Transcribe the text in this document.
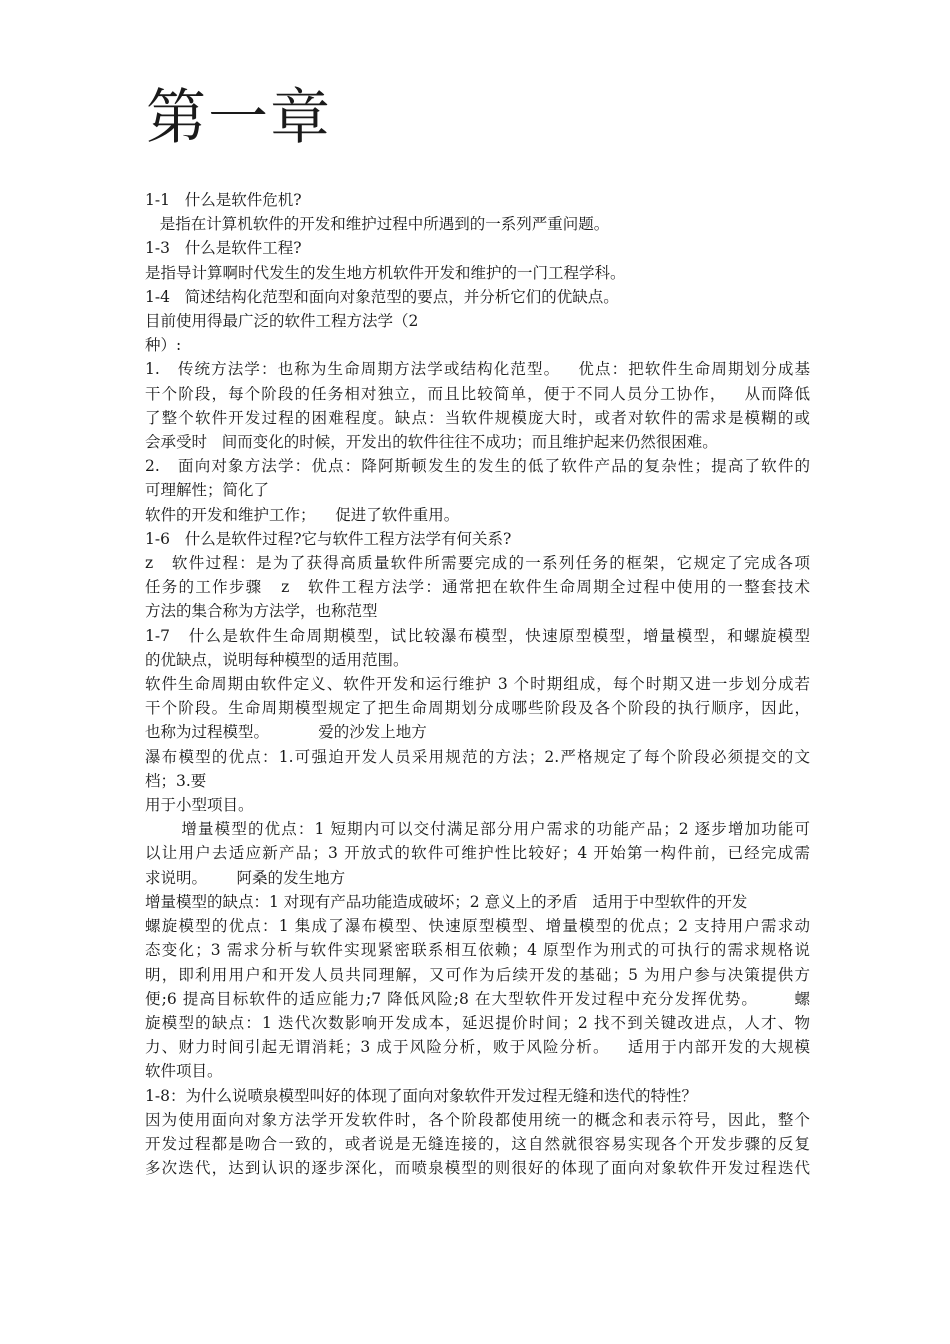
第一章

1-1   什么是软件危机?

是指在计算机软件的开发和维护过程中所遇到的一系列严重问题。

1-3   什么是软件工程?

是指导计算啊时代发生的发生地方机软件开发和维护的一门工程学科。

1-4   简述结构化范型和面向对象范型的要点，并分析它们的优缺点。

目前使用得最广泛的软件工程方法学（2

种）:

1.   传统方法学：也称为生命周期方法学或结构化范型。   优点：把软件生命周期划分成基

干个阶段，每个阶段的任务相对独立，而且比较简单，便于不同人员分工协作，   从而降低

了整个软件开发过程的困难程度。缺点：当软件规模庞大时，或者对软件的需求是模糊的或

会承受时   间而变化的时候，开发出的软件往往不成功；而且维护起来仍然很困难。

2.   面向对象方法学：优点：降阿斯顿发生的发生的低了软件产品的复杂性；提高了软件的

可理解性；简化了

软件的开发和维护工作；    促进了软件重用。

1-6   什么是软件过程?它与软件工程方法学有何关系?

z   软件过程：是为了获得高质量软件所需要完成的一系列任务的框架，它规定了完成各项

任务的工作步骤   z   软件工程方法学：通常把在软件生命周期全过程中使用的一整套技术

方法的集合称为方法学，也称范型

1-7   什么是软件生命周期模型，试比较瀑布模型，快速原型模型，增量模型，和螺旋模型

的优缺点，说明每种模型的适用范围。

软件生命周期由软件定义、软件开发和运行维护 3 个时期组成，每个时期又进一步划分成若

干个阶段。生命周期模型规定了把生命周期划分成哪些阶段及各个阶段的执行顺序，因此，

也称为过程模型。          爱的沙发上地方

瀑布模型的优点：1.可强迫开发人员采用规范的方法；2.严格规定了每个阶段必须提交的文

档；3.要

用于小型项目。

增量模型的优点：1 短期内可以交付满足部分用户需求的功能产品；2 逐步增加功能可

以让用户去适应新产品；3 开放式的软件可维护性比较好；4 开始第一构件前，已经完成需

求说明。      阿桑的发生地方

增量模型的缺点：1 对现有产品功能造成破坏；2 意义上的矛盾   适用于中型软件的开发

螺旋模型的优点：1 集成了瀑布模型、快速原型模型、增量模型的优点；2 支持用户需求动

态变化；3 需求分析与软件实现紧密联系相互依赖；4 原型作为刑式的可执行的需求规格说

明，即利用用户和开发人员共同理解，又可作为后续开发的基础；5 为用户参与决策提供方

便;6 提高目标软件的适应能力;7 降低风险;8 在大型软件开发过程中充分发挥优势。      螺

旋模型的缺点：1 迭代次数影响开发成本，延迟提价时间；2 找不到关键改进点，人才、物

力、财力时间引起无谓消耗；3 成于风险分析，败于风险分析。   适用于内部开发的大规模

软件项目。

1-8：为什么说喷泉模型叫好的体现了面向对象软件开发过程无缝和迭代的特性？

因为使用面向对象方法学开发软件时，各个阶段都使用统一的概念和表示符号，因此，整个

开发过程都是吻合一致的，或者说是无缝连接的，这自然就很容易实现各个开发步骤的反复

多次迭代，达到认识的逐步深化，而喷泉模型的则很好的体现了面向对象软件开发过程迭代
